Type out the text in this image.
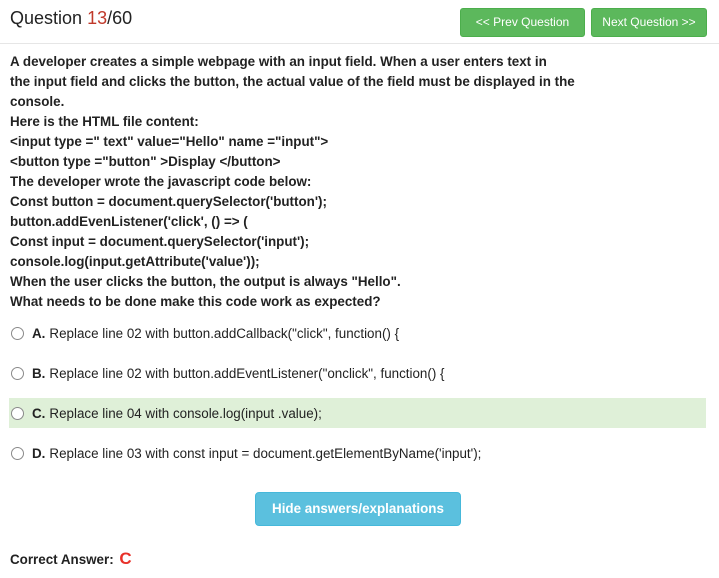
Question 13/60	<< Prev Question	Next Question >>
A developer creates a simple webpage with an input field. When a user enters text in
the input field and clicks the button, the actual value of the field must be displayed in the
console.
Here is the HTML file content:
<input type =" text" value="Hello" name ="input">
<button type ="button" >Display </button>
The developer wrote the javascript code below:
Const button = document.querySelector('button');
button.addEvenListener('click', () => (
Const input = document.querySelector('input');
console.log(input.getAttribute('value'));
When the user clicks the button, the output is always "Hello".
What needs to be done make this code work as expected?
A. Replace line 02 with button.addCallback("click", function() {
B. Replace line 02 with button.addEventListener("onclick", function() {
C. Replace line 04 with console.log(input .value);
D. Replace line 03 with const input = document.getElementByName('input');
Hide answers/explanations
Correct Answer: C
